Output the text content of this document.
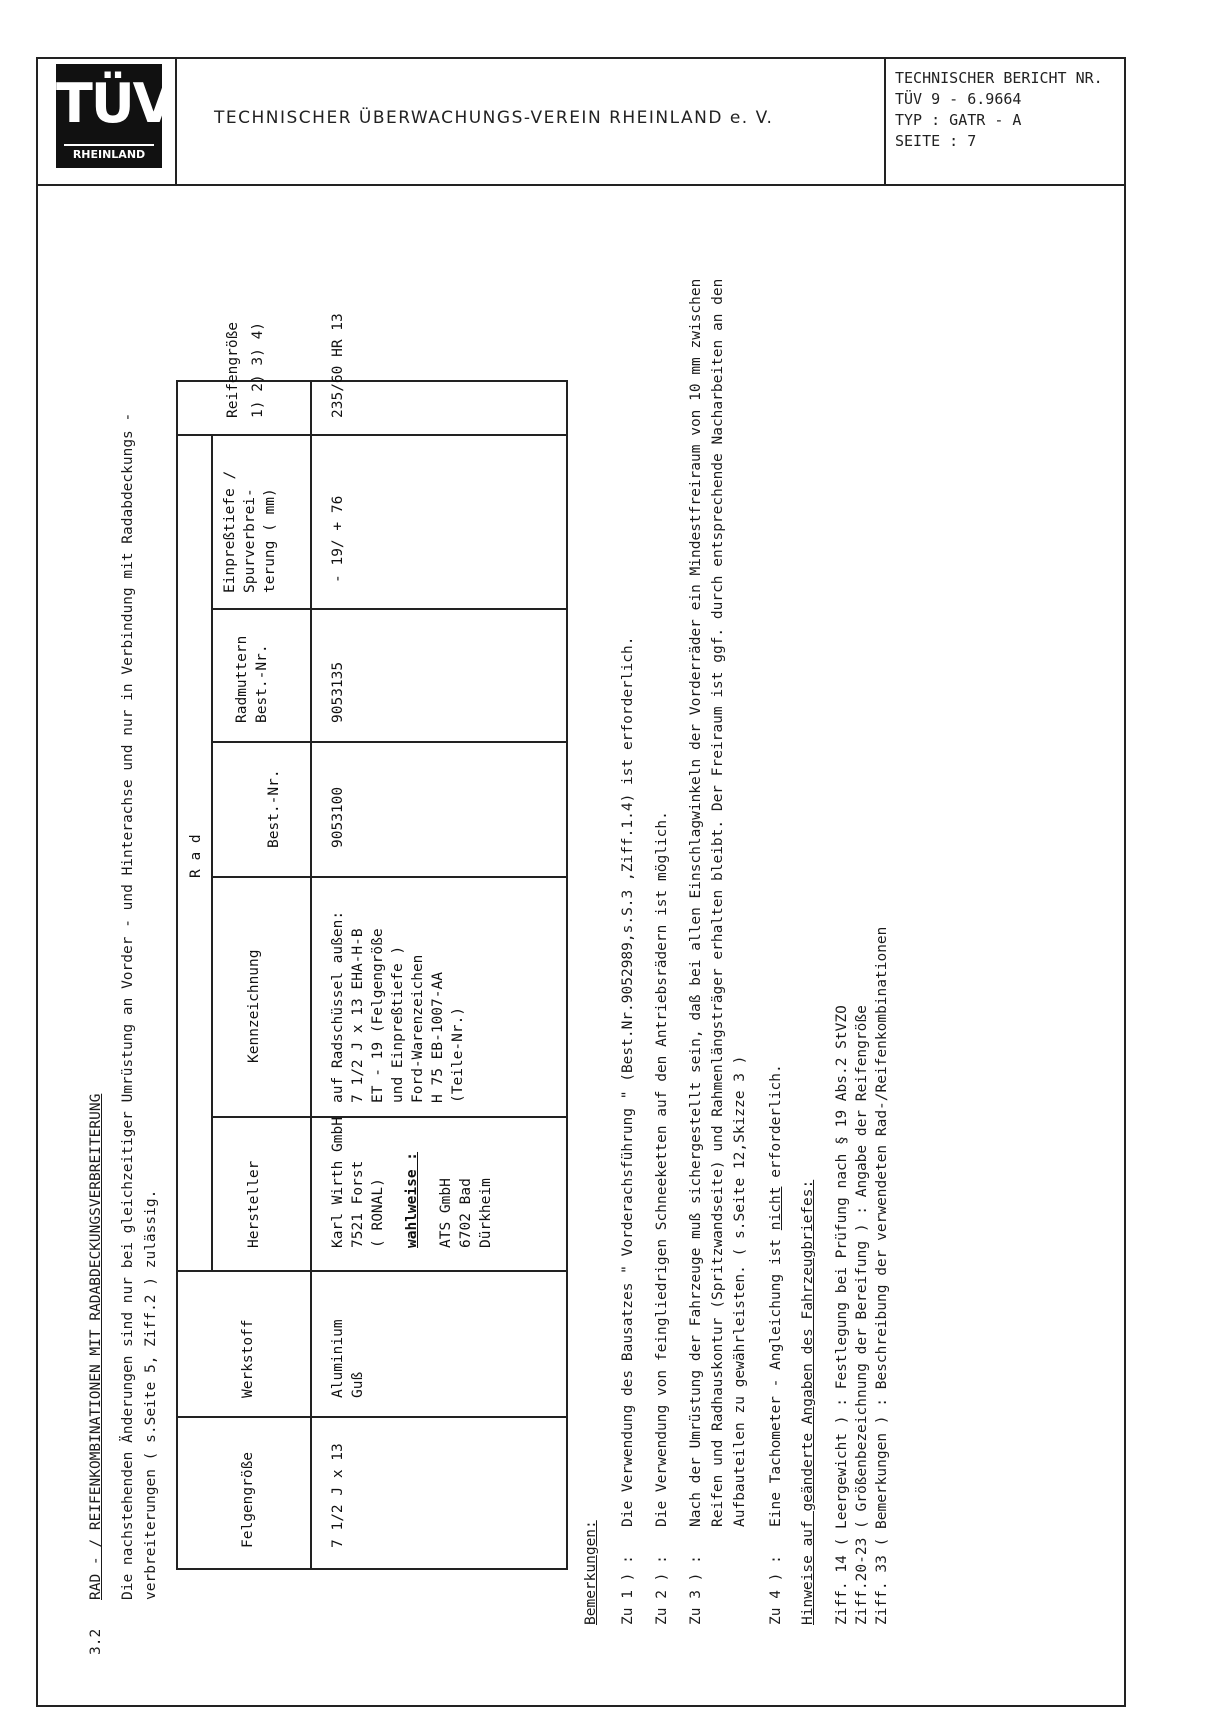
TÜV
RHEINLAND
TECHNISCHER ÜBERWACHUNGS-VEREIN RHEINLAND e. V.
TECHNISCHER BERICHT NR.
TÜV 9 - 6.9664
TYP : GATR - A
SEITE : 7
3.2
RAD - / REIFENKOMBINATIONEN MIT RADABDECKUNGSVERBREITERUNG Die nachstehenden Änderungen sind nur bei gleichzeitiger Umrüstung an Vorder - und Hinterachse und nur in Verbindung mit Radabdeckungs - verbreiterungen ( s.Seite 5, Ziff.2 ) zulässig.	Felgengröße
Werkstoff
R a d
Hersteller
Kennzeichnung
Best.-Nr.
Radmuttern Best.-Nr.
Einpreßtiefe / Spurverbrei- terung ( mm)
Reifengröße 1) 2) 3) 4)
7 1/2 J x 13
Aluminium Guß
Karl Wirth GmbH 7521 Forst ( RONAL) wahlweise : ATS GmbH 6702 Bad Dürkheim
auf Radschüssel außen: 7 1/2 J x 13 EHA-H-B ET - 19 (Felgengröße und Einpreßtiefe ) Ford-Warenzeichen H 75 EB-1007-AA (Teile-Nr.)
9053100
9053135
- 19/ + 76
235/60 HR 13
Bemerkungen: Zu 1 ) :
Die Verwendung des Bausatzes " Vorderachsführung " (Best.Nr.9052989,s.S.3 ,Ziff.1.4) ist erforderlich.
Zu 2 ) :
Die Verwendung von feingliedrigen Schneeketten auf den Antriebsrädern ist möglich.
Zu 3 ) :
Nach der Umrüstung der Fahrzeuge muß sichergestellt sein, daß bei allen Einschlagwinkeln der Vorderräder ein Mindestfreiraum von 10 mm zwischen Reifen und Radhauskontur (Spritzwandseite) und Rahmenlängsträger erhalten bleibt. Der Freiraum ist ggf. durch entsprechende Nacharbeiten an den Aufbauteilen zu gewährleisten. ( s.Seite 12,Skizze 3 )
Zu 4 ) :
Eine Tachometer - Angleichung ist nicht erforderlich.
Hinweise auf geänderte Angaben des Fahrzeugbriefes: Ziff. 14 ( Leergewicht ) : Festlegung bei Prüfung nach § 19 Abs.2 StVZO Ziff.20-23 ( Größenbezeichnung der Bereifung ) : Angabe der Reifengröße Ziff. 33 ( Bemerkungen ) : Beschreibung der verwendeten Rad-/Reifenkombinationen
